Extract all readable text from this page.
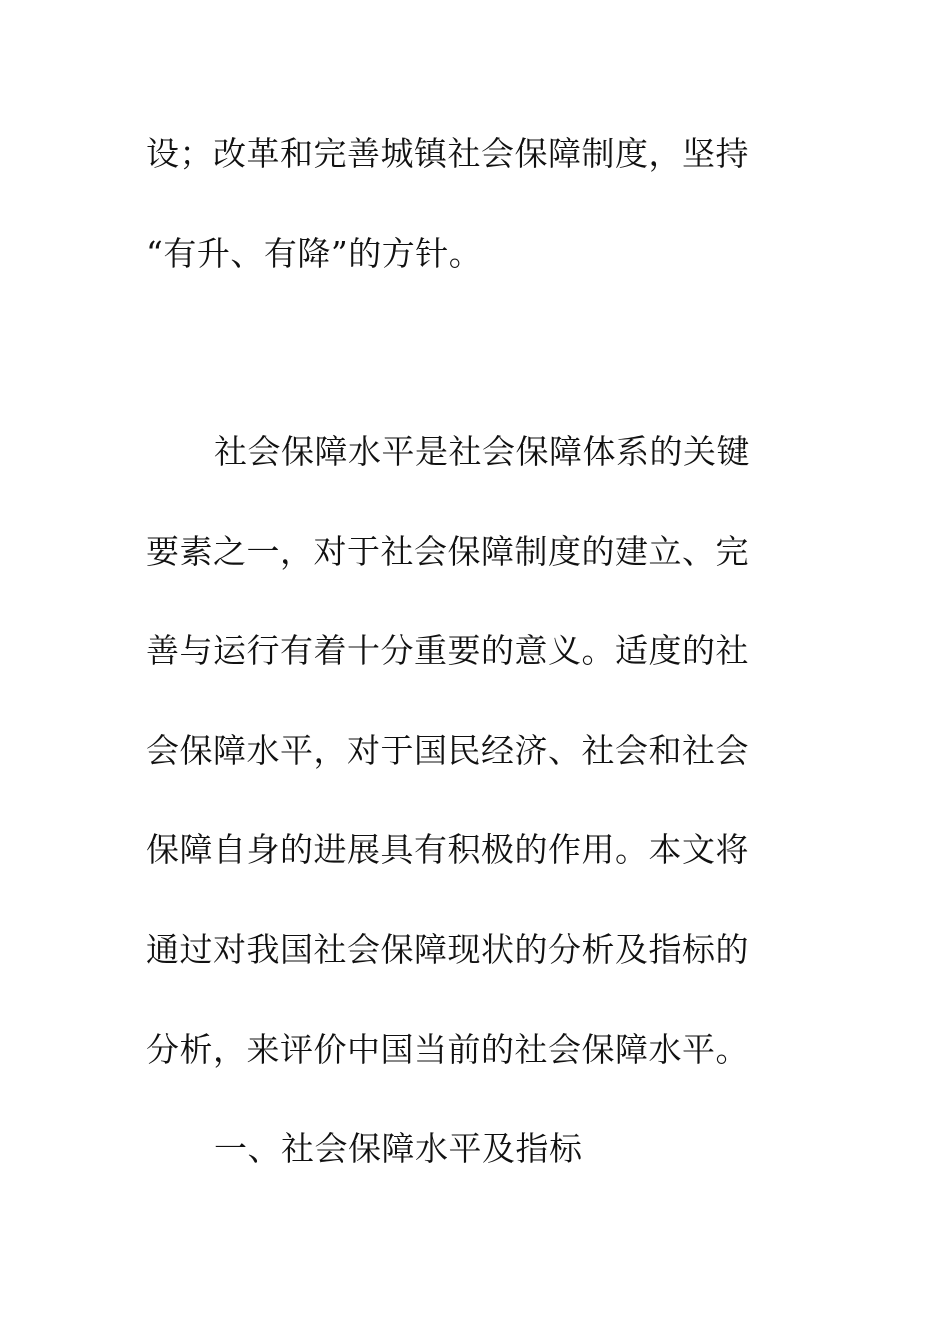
设；改革和完善城镇社会保障制度，坚持
“有升、有降”的方针。
社会保障水平是社会保障体系的关键
要素之一，对于社会保障制度的建立、完
善与运行有着十分重要的意义。适度的社
会保障水平，对于国民经济、社会和社会
保障自身的进展具有积极的作用。本文将
通过对我国社会保障现状的分析及指标的
分析，来评价中国当前的社会保障水平。
一、社会保障水平及指标
